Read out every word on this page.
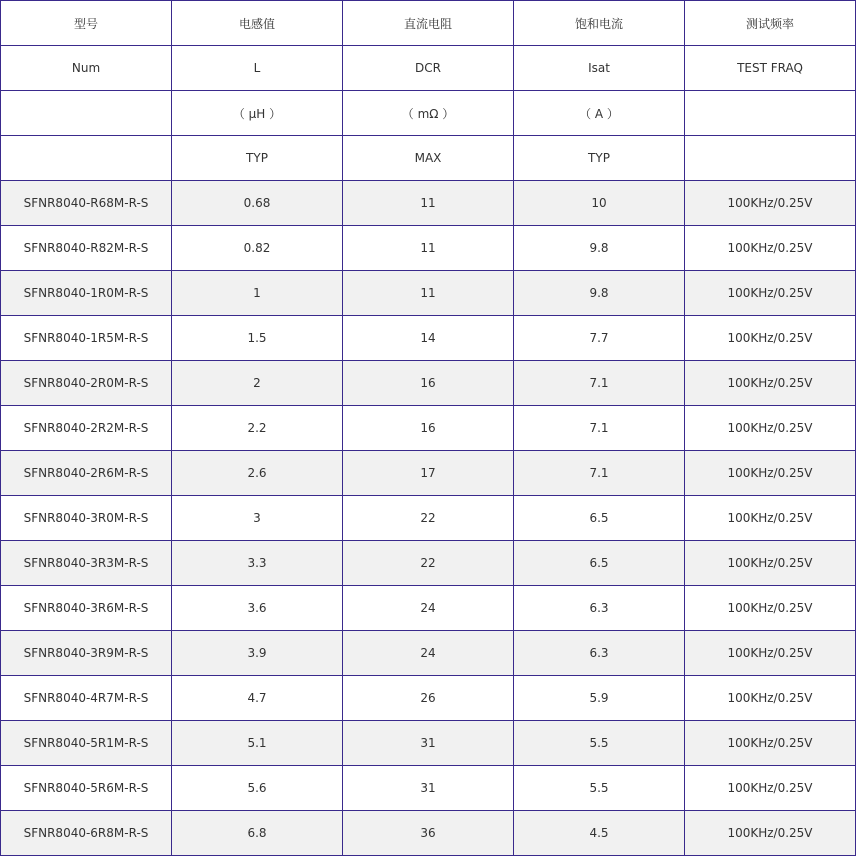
型号	电感值	直流电阻	饱和电流	测试频率
Num	L	DCR	Isat	TEST FRAQ
	（ μH ）	（ mΩ ）	（ A ）	
	TYP	MAX	TYP	
SFNR8040-R68M-R-S	0.68	11	10	100KHz/0.25V
SFNR8040-R82M-R-S	0.82	11	9.8	100KHz/0.25V
SFNR8040-1R0M-R-S	1	11	9.8	100KHz/0.25V
SFNR8040-1R5M-R-S	1.5	14	7.7	100KHz/0.25V
SFNR8040-2R0M-R-S	2	16	7.1	100KHz/0.25V
SFNR8040-2R2M-R-S	2.2	16	7.1	100KHz/0.25V
SFNR8040-2R6M-R-S	2.6	17	7.1	100KHz/0.25V
SFNR8040-3R0M-R-S	3	22	6.5	100KHz/0.25V
SFNR8040-3R3M-R-S	3.3	22	6.5	100KHz/0.25V
SFNR8040-3R6M-R-S	3.6	24	6.3	100KHz/0.25V
SFNR8040-3R9M-R-S	3.9	24	6.3	100KHz/0.25V
SFNR8040-4R7M-R-S	4.7	26	5.9	100KHz/0.25V
SFNR8040-5R1M-R-S	5.1	31	5.5	100KHz/0.25V
SFNR8040-5R6M-R-S	5.6	31	5.5	100KHz/0.25V
SFNR8040-6R8M-R-S	6.8	36	4.5	100KHz/0.25V
